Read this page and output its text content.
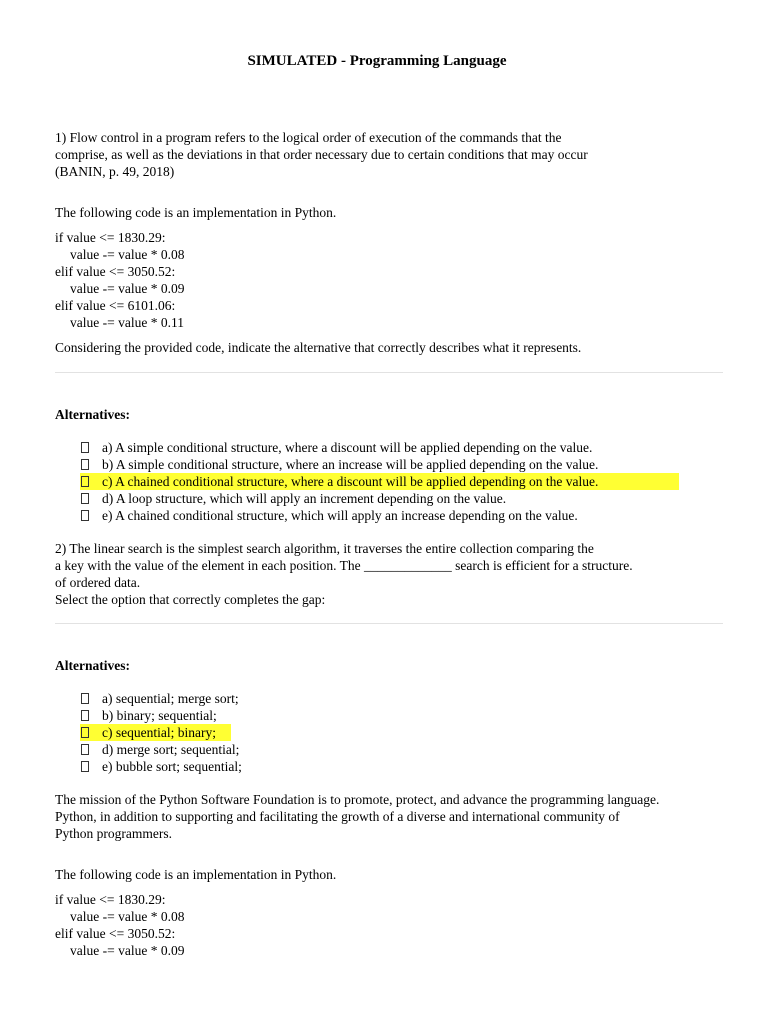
SIMULATED - Programming Language
1) Flow control in a program refers to the logical order of execution of the commands that the
comprise, as well as the deviations in that order necessary due to certain conditions that may occur
(BANIN, p. 49, 2018)
The following code is an implementation in Python.
if value <= 1830.29:
value -= value * 0.08
elif value <= 3050.52:
value -= value * 0.09
elif value <= 6101.06:
value -= value * 0.11
Considering the provided code, indicate the alternative that correctly describes what it represents.
Alternatives:
a) A simple conditional structure, where a discount will be applied depending on the value.
b) A simple conditional structure, where an increase will be applied depending on the value.
c) A chained conditional structure, where a discount will be applied depending on the value.
d) A loop structure, which will apply an increment depending on the value.
e) A chained conditional structure, which will apply an increase depending on the value.
2) The linear search is the simplest search algorithm, it traverses the entire collection comparing the
a key with the value of the element in each position. The _____________ search is efficient for a structure.
of ordered data.
Select the option that correctly completes the gap:
Alternatives:
a) sequential; merge sort;
b) binary; sequential;
c) sequential; binary;
d) merge sort; sequential;
e) bubble sort; sequential;
The mission of the Python Software Foundation is to promote, protect, and advance the programming language.
Python, in addition to supporting and facilitating the growth of a diverse and international community of
Python programmers.
The following code is an implementation in Python.
if value <= 1830.29:
value -= value * 0.08
elif value <= 3050.52:
value -= value * 0.09
